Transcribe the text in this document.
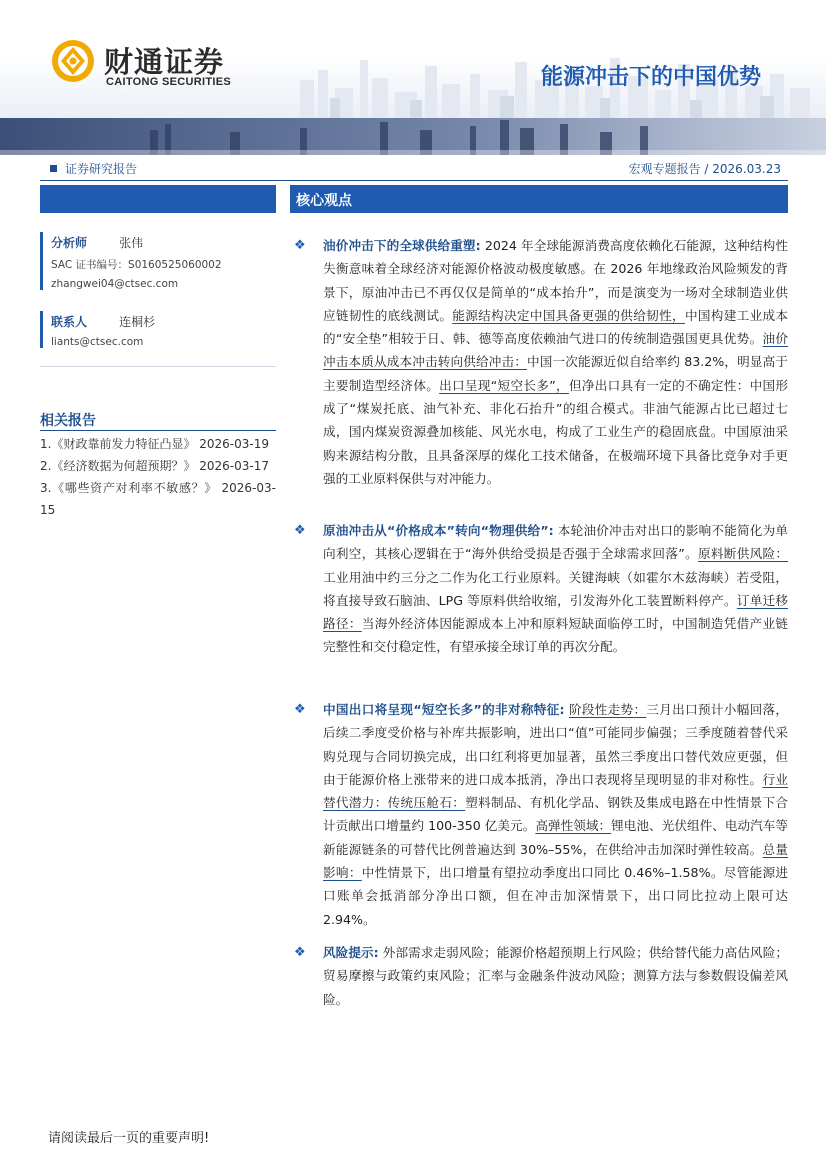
财通证券
CAITONG SECURITIES	能源冲击下的中国优势
证券研究报告	宏观专题报告 / 2026.03.23
分析师	张伟
SAC 证书编号：S0160525060002
zhangwei04@ctsec.com
联系人	连桐杉
liants@ctsec.com
相关报告
1.《财政靠前发力特征凸显》 2026-03-19
2.《经济数据为何超预期？》 2026-03-17
3.《哪些资产对利率不敏感？》 2026-03-15
核心观点
❖ 油价冲击下的全球供给重塑: 2024 年全球能源消费高度依赖化石能源，这种结构性失衡意味着全球经济对能源价格波动极度敏感。在 2026 年地缘政治风险频发的背景下，原油冲击已不再仅仅是简单的“成本抬升”，而是演变为一场对全球制造业供应链韧性的底线测试。能源结构决定中国具备更强的供给韧性，中国构建工业成本的“安全垫”相较于日、韩、德等高度依赖油气进口的传统制造强国更具优势。油价冲击本质从成本冲击转向供给冲击：中国一次能源近似自给率约 83.2%，明显高于主要制造型经济体。出口呈现“短空长多”，但净出口具有一定的不确定性：中国形成了“煤炭托底、油气补充、非化石抬升”的组合模式。非油气能源占比已超过七成，国内煤炭资源叠加核能、风光水电，构成了工业生产的稳固底盘。中国原油采购来源结构分散，且具备深厚的煤化工技术储备，在极端环境下具备比竞争对手更强的工业原料保供与对冲能力。

❖ 原油冲击从“价格成本”转向“物理供给”: 本轮油价冲击对出口的影响不能简化为单向利空，其核心逻辑在于“海外供给受损是否强于全球需求回落”。原料断供风险：工业用油中约三分之二作为化工行业原料。关键海峡（如霍尔木兹海峡）若受阻，将直接导致石脑油、LPG 等原料供给收缩，引发海外化工装置断料停产。订单迁移路径：当海外经济体因能源成本上冲和原料短缺面临停工时，中国制造凭借产业链完整性和交付稳定性，有望承接全球订单的再次分配。

❖ 中国出口将呈现“短空长多”的非对称特征: 阶段性走势：三月出口预计小幅回落，后续二季度受价格与补库共振影响，进出口“值”可能同步偏强；三季度随着替代采购兑现与合同切换完成，出口红利将更加显著，虽然三季度出口替代效应更强，但由于能源价格上涨带来的进口成本抵消，净出口表现将呈现明显的非对称性。行业替代潜力：传统压舱石：塑料制品、有机化学品、钢铁及集成电路在中性情景下合计贡献出口增量约 100-350 亿美元。高弹性领域：锂电池、光伏组件、电动汽车等新能源链条的可替代比例普遍达到 30%–55%，在供给冲击加深时弹性较高。总量影响：中性情景下，出口增量有望拉动季度出口同比 0.46%–1.58%。尽管能源进口账单会抵消部分净出口额，但在冲击加深情景下，出口同比拉动上限可达 2.94%。

❖ 风险提示: 外部需求走弱风险；能源价格超预期上行风险；供给替代能力高估风险；贸易摩擦与政策约束风险；汇率与金融条件波动风险；测算方法与参数假设偏差风险。

请阅读最后一页的重要声明!
